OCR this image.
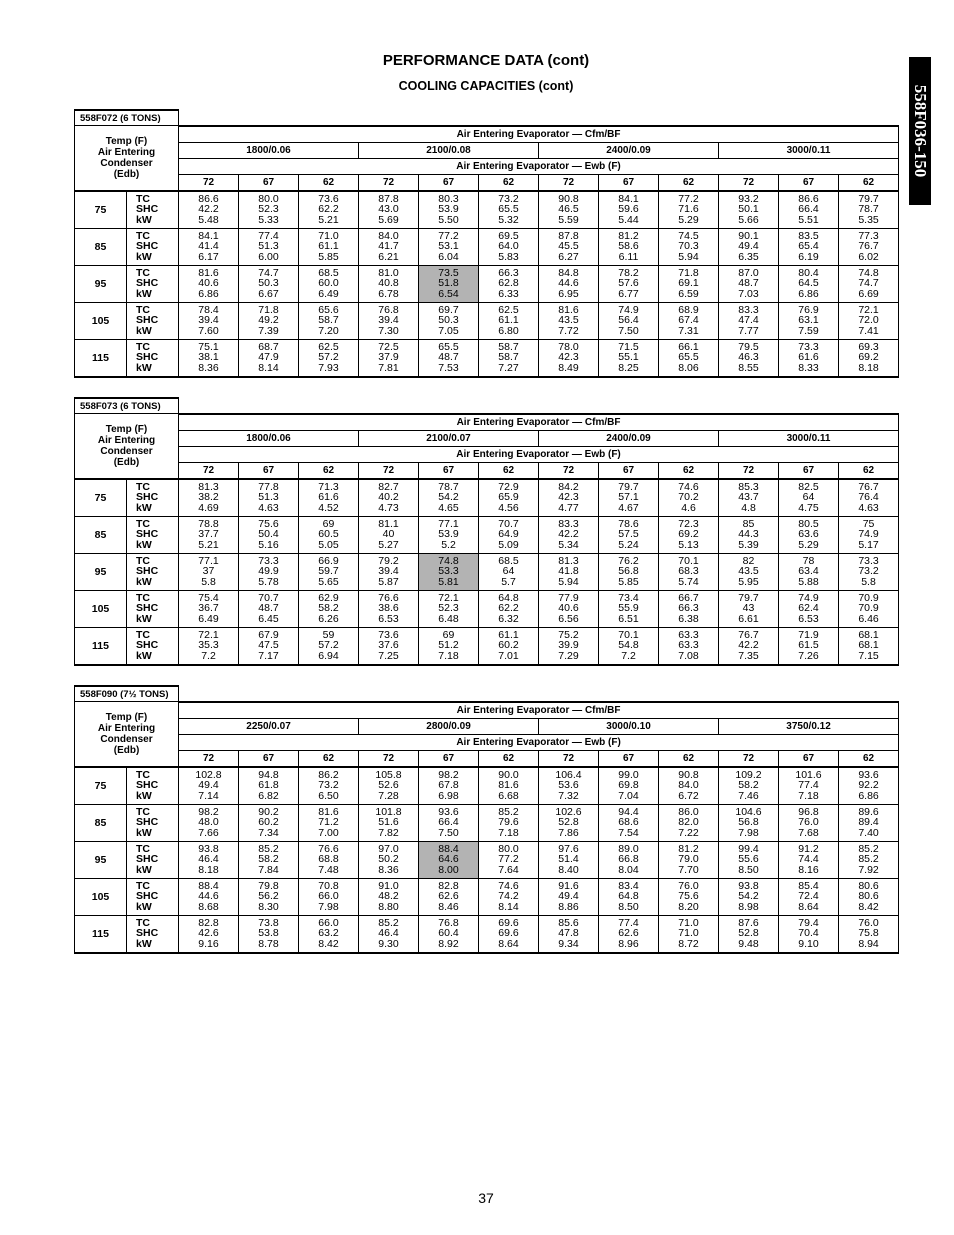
PERFORMANCE DATA (cont)
COOLING CAPACITIES (cont)	558F036-150
558F072 (6 TONS)													

Temp (F)
Air Entering
Condenser
(Edb)		Air Entering Evaporator — Cfm/BF											
		1800/0.06			2100/0.08			2400/0.09			3000/0.11		
		Air Entering Evaporator — Ewb (F)											
		72	67	62	72	67	62	72	67	62	72	67	62
75	TC
SHC
kW	86.6
42.2
5.48	80.0
52.3
5.33	73.6
62.2
5.21	87.8
43.0
5.69	80.3
53.9
5.50	73.2
65.5
5.32	90.8
46.5
5.59	84.1
59.6
5.44	77.2
71.6
5.29	93.2
50.1
5.66	86.6
66.4
5.51	79.7
78.7
5.35

85	TC
SHC
kW	84.1
41.4
6.17	77.4
51.3
6.00	71.0
61.1
5.85	84.0
41.7
6.21	77.2
53.1
6.04	69.5
64.0
5.83	87.8
45.5
6.27	81.2
58.6
6.11	74.5
70.3
5.94	90.1
49.4
6.35	83.5
65.4
6.19	77.3
76.7
6.02

95	TC
SHC
kW	81.6
40.6
6.86	74.7
50.3
6.67	68.5
60.0
6.49	81.0
40.8
6.78	73.5
51.8
6.54	66.3
62.8
6.33	84.8
44.6
6.95	78.2
57.6
6.77	71.8
69.1
6.59	87.0
48.7
7.03	80.4
64.5
6.86	74.8
74.7
6.69

105	TC
SHC
kW	78.4
39.4
7.60	71.8
49.2
7.39	65.6
58.7
7.20	76.8
39.4
7.30	69.7
50.3
7.05	62.5
61.1
6.80	81.6
43.5
7.72	74.9
56.4
7.50	68.9
67.4
7.31	83.3
47.4
7.77	76.9
63.1
7.59	72.1
72.0
7.41

115	TC
SHC
kW	75.1
38.1
8.36	68.7
47.9
8.14	62.5
57.2
7.93	72.5
37.9
7.81	65.5
48.7
7.53	58.7
58.7
7.27	78.0
42.3
8.49	71.5
55.1
8.25	66.1
65.5
8.06	79.5
46.3
8.55	73.3
61.6
8.33	69.3
69.2
8.18
558F073 (6 TONS)													

Temp (F)
Air Entering
Condenser
(Edb)		Air Entering Evaporator — Cfm/BF											
		1800/0.06			2100/0.07			2400/0.09			3000/0.11		
		Air Entering Evaporator — Ewb (F)											
		72	67	62	72	67	62	72	67	62	72	67	62
75	TC
SHC
kW	81.3
38.2
4.69	77.8
51.3
4.63	71.3
61.6
4.52	82.7
40.2
4.73	78.7
54.2
4.65	72.9
65.9
4.56	84.2
42.3
4.77	79.7
57.1
4.67	74.6
70.2
4.6	85.3
43.7
4.8	82.5
64
4.75	76.7
76.4
4.63

85	TC
SHC
kW	78.8
37.7
5.21	75.6
50.4
5.16	69
60.5
5.05	81.1
40
5.27	77.1
53.9
5.2	70.7
64.9
5.09	83.3
42.2
5.34	78.6
57.5
5.24	72.3
69.2
5.13	85
44.3
5.39	80.5
63.6
5.29	75
74.9
5.17

95	TC
SHC
kW	77.1
37
5.8	73.3
49.9
5.78	66.9
59.7
5.65	79.2
39.4
5.87	74.8
53.3
5.81	68.5
64
5.7	81.3
41.8
5.94	76.2
56.8
5.85	70.1
68.3
5.74	82
43.5
5.95	78
63.4
5.88	73.3
73.2
5.8

105	TC
SHC
kW	75.4
36.7
6.49	70.7
48.7
6.45	62.9
58.2
6.26	76.6
38.6
6.53	72.1
52.3
6.48	64.8
62.2
6.32	77.9
40.6
6.56	73.4
55.9
6.51	66.7
66.3
6.38	79.7
43
6.61	74.9
62.4
6.53	70.9
70.9
6.46

115	TC
SHC
kW	72.1
35.3
7.2	67.9
47.5
7.17	59
57.2
6.94	73.6
37.6
7.25	69
51.2
7.18	61.1
60.2
7.01	75.2
39.9
7.29	70.1
54.8
7.2	63.3
63.3
7.08	76.7
42.2
7.35	71.9
61.5
7.26	68.1
68.1
7.15
558F090 (7½ TONS)													

Temp (F)
Air Entering
Condenser
(Edb)		Air Entering Evaporator — Cfm/BF											
		2250/0.07			2800/0.09			3000/0.10			3750/0.12		
		Air Entering Evaporator — Ewb (F)											
		72	67	62	72	67	62	72	67	62	72	67	62
75	TC
SHC
kW	102.8
49.4
7.14	94.8
61.8
6.82	86.2
73.2
6.50	105.8
52.6
7.28	98.2
67.8
6.98	90.0
81.6
6.68	106.4
53.6
7.32	99.0
69.8
7.04	90.8
84.0
6.72	109.2
58.2
7.46	101.6
77.4
7.18	93.6
92.2
6.86

85	TC
SHC
kW	98.2
48.0
7.66	90.2
60.2
7.34	81.6
71.2
7.00	101.8
51.6
7.82	93.6
66.4
7.50	85.2
79.6
7.18	102.6
52.8
7.86	94.4
68.6
7.54	86.0
82.0
7.22	104.6
56.8
7.98	96.8
76.0
7.68	89.6
89.4
7.40

95	TC
SHC
kW	93.8
46.4
8.18	85.2
58.2
7.84	76.6
68.8
7.48	97.0
50.2
8.36	88.4
64.6
8.00	80.0
77.2
7.64	97.6
51.4
8.40	89.0
66.8
8.04	81.2
79.0
7.70	99.4
55.6
8.50	91.2
74.4
8.16	85.2
85.2
7.92

105	TC
SHC
kW	88.4
44.6
8.68	79.8
56.2
8.30	70.8
66.0
7.98	91.0
48.2
8.80	82.8
62.6
8.46	74.6
74.2
8.14	91.6
49.4
8.86	83.4
64.8
8.50	76.0
75.6
8.20	93.8
54.2
8.98	85.4
72.4
8.64	80.6
80.6
8.42

115	TC
SHC
kW	82.8
42.6
9.16	73.8
53.8
8.78	66.0
63.2
8.42	85.2
46.4
9.30	76.8
60.4
8.92	69.6
69.6
8.64	85.6
47.8
9.34	77.4
62.6
8.96	71.0
71.0
8.72	87.6
52.8
9.48	79.4
70.4
9.10	76.0
75.8
8.94
37
